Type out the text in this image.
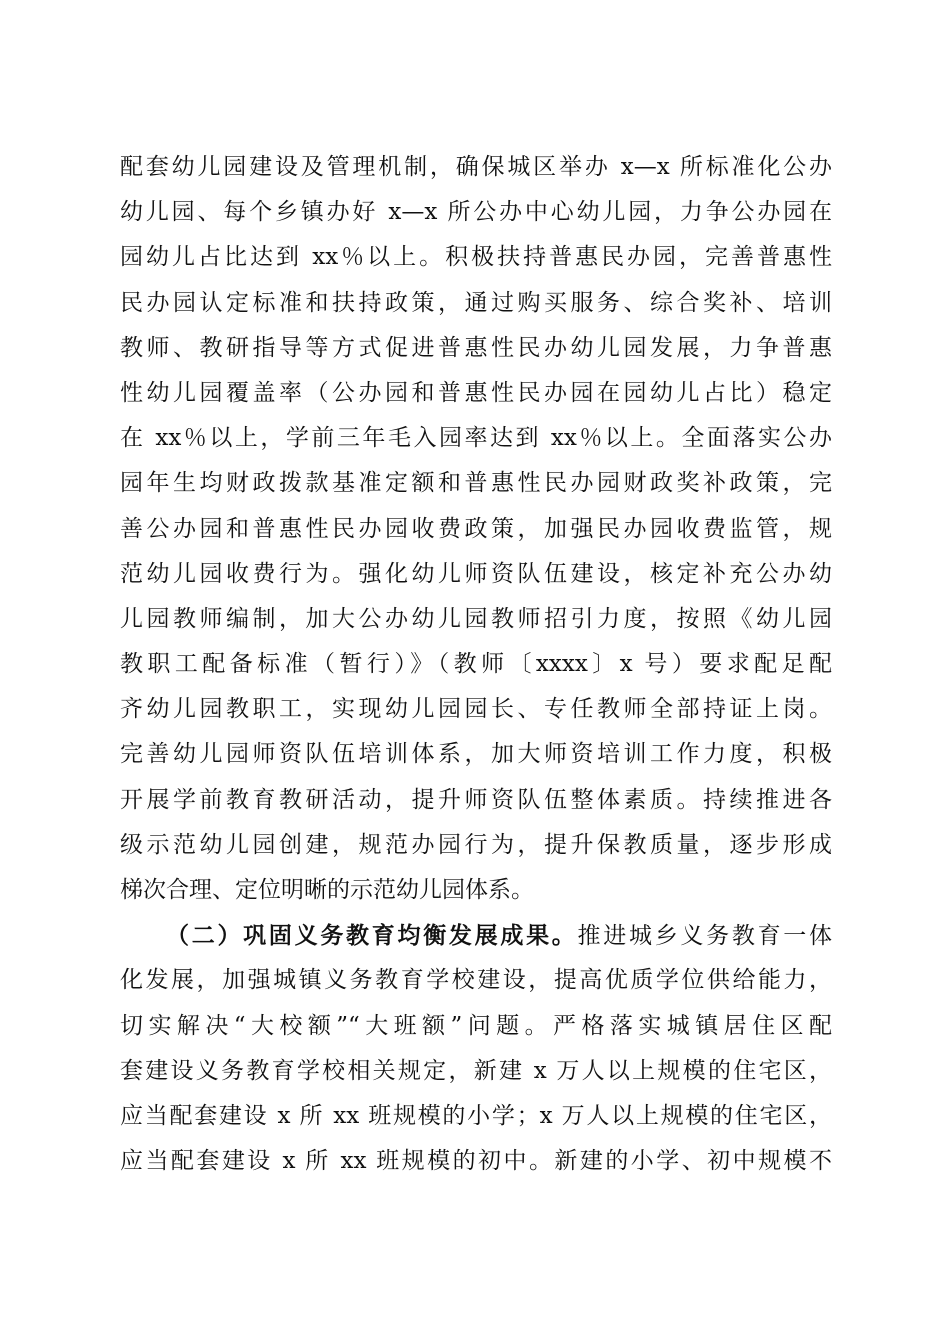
配套幼儿园建设及管理机制，确保城区举办 x—x 所标准化公办
幼儿园、每个乡镇办好 x—x 所公办中心幼儿园，力争公办园在
园幼儿占比达到 xx％以上。积极扶持普惠民办园，完善普惠性
民办园认定标准和扶持政策，通过购买服务、综合奖补、培训
教师、教研指导等方式促进普惠性民办幼儿园发展，力争普惠
性幼儿园覆盖率（公办园和普惠性民办园在园幼儿占比）稳定
在 xx％以上，学前三年毛入园率达到 xx％以上。全面落实公办
园年生均财政拨款基准定额和普惠性民办园财政奖补政策，完
善公办园和普惠性民办园收费政策，加强民办园收费监管，规
范幼儿园收费行为。强化幼儿师资队伍建设，核定补充公办幼
儿园教师编制，加大公办幼儿园教师招引力度，按照《幼儿园
教职工配备标准（暂行）》（教师〔xxxx〕x 号）要求配足配
齐幼儿园教职工，实现幼儿园园长、专任教师全部持证上岗。
完善幼儿园师资队伍培训体系，加大师资培训工作力度，积极
开展学前教育教研活动，提升师资队伍整体素质。持续推进各
级示范幼儿园创建，规范办园行为，提升保教质量，逐步形成
梯次合理、定位明晰的示范幼儿园体系。
（二）巩固义务教育均衡发展成果。推进城乡义务教育一体
化发展，加强城镇义务教育学校建设，提高优质学位供给能力，
切实解决“大校额”“大班额”问题。严格落实城镇居住区配
套建设义务教育学校相关规定，新建 x 万人以上规模的住宅区，
应当配套建设 x 所 xx 班规模的小学；x 万人以上规模的住宅区，
应当配套建设 x 所 xx 班规模的初中。新建的小学、初中规模不
